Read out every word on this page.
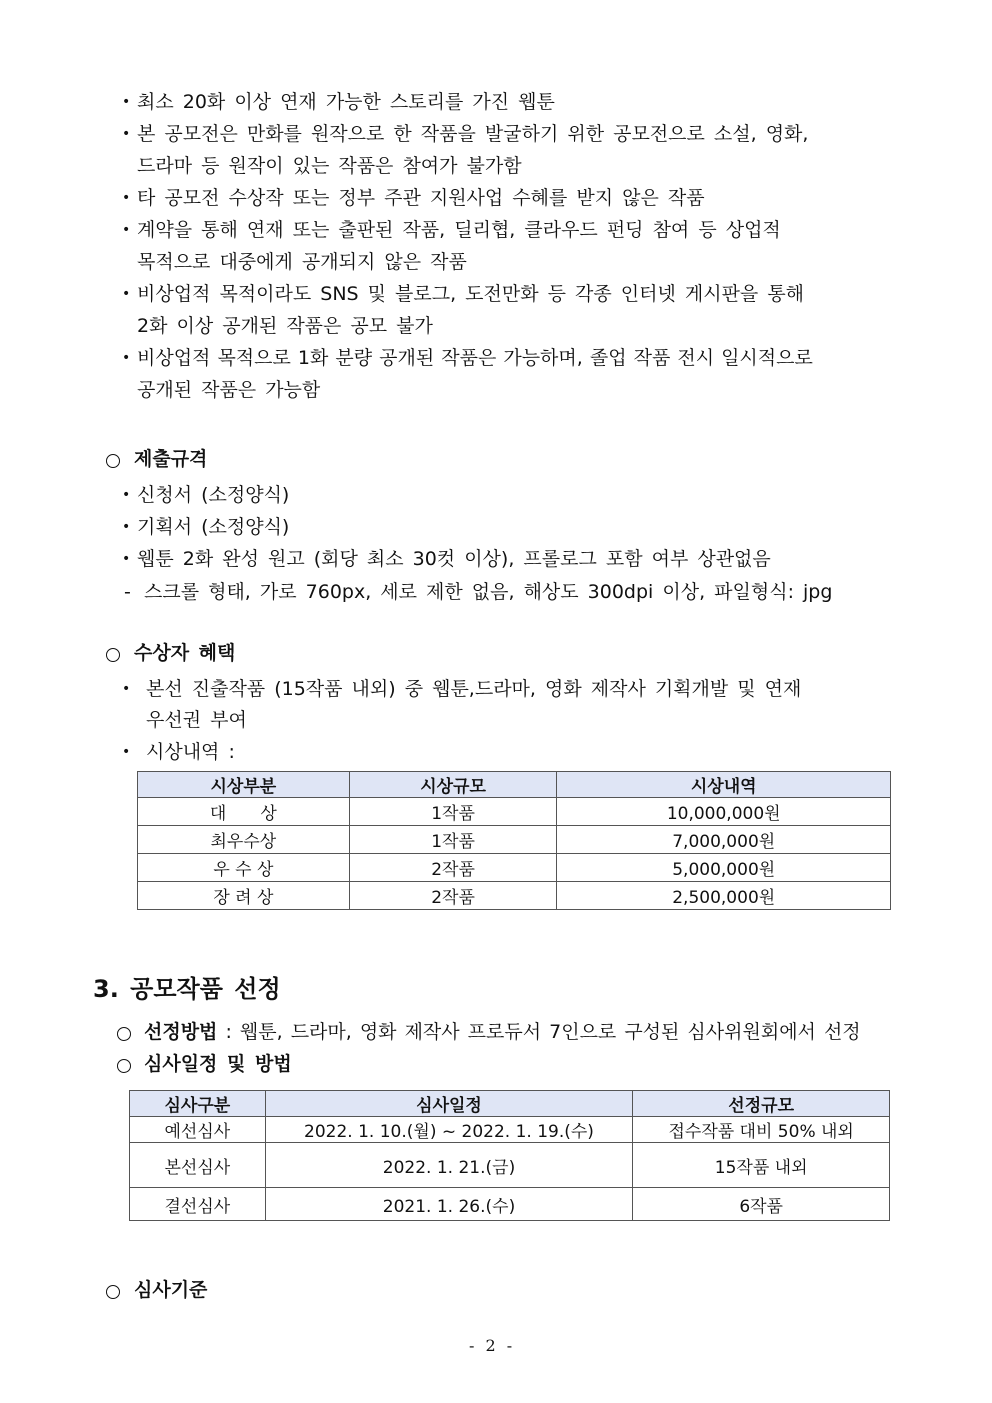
• 최소 20화 이상 연재 가능한 스토리를 가진 웹툰
• 본 공모전은 만화를 원작으로 한 작품을 발굴하기 위한 공모전으로 소설, 영화,
드라마 등 원작이 있는 작품은 참여가 불가함
• 타 공모전 수상작 또는 정부 주관 지원사업 수혜를 받지 않은 작품
• 계약을 통해 연재 또는 출판된 작품, 딜리협, 클라우드 펀딩 참여 등 상업적
목적으로 대중에게 공개되지 않은 작품
• 비상업적 목적이라도 SNS 및 블로그, 도전만화 등 각종 인터넷 게시판을 통해
2화 이상 공개된 작품은 공모 불가
• 비상업적 목적으로 1화 분량 공개된 작품은 가능하며, 졸업 작품 전시 일시적으로
공개된 작품은 가능함
제출규격
• 신청서 (소정양식)
• 기획서 (소정양식)
• 웹툰 2화 완성 원고 (회당 최소 30컷 이상), 프롤로그 포함 여부 상관없음
- 스크롤 형태, 가로 760px, 세로 제한 없음, 해상도 300dpi 이상, 파일형식: jpg
수상자 혜택
• 본선 진출작품 (15작품 내외) 중 웹툰,드라마, 영화 제작사 기획개발 및 연재
우선권 부여
• 시상내역 :
시상부분	시상규모	시상내역
대　　상	1작품	10,000,000원
최우수상	1작품	7,000,000원
우 수 상	2작품	5,000,000원
장 려 상	2작품	2,500,000원
3. 공모작품 선정
선정방법 : 웹툰, 드라마, 영화 제작사 프로듀서 7인으로 구성된 심사위원회에서 선정
심사일정 및 방법
심사구분	심사일정	선정규모
예선심사	2022. 1. 10.(월) ~ 2022. 1. 19.(수)	접수작품 대비 50% 내외
본선심사	2022. 1. 21.(금)	15작품 내외
결선심사	2021. 1. 26.(수)	6작품
심사기준
- 2 -
